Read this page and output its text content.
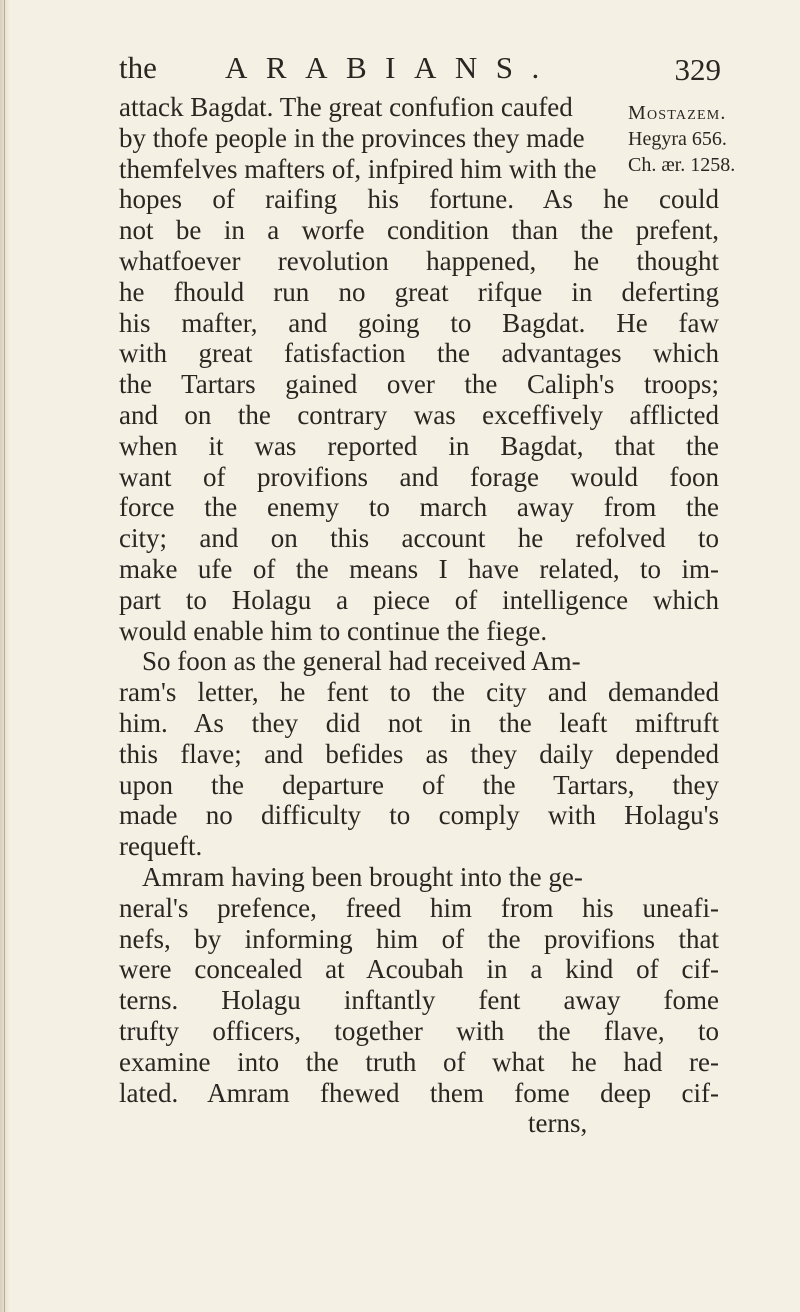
the ARABIANS.	329
Mostazem.
Hegyra 656.
Ch. ær. 1258.
attack Bagdat. The great confufion caufed
by thofe people in the provinces they made
themfelves mafters of, infpired him with the
hopes of raifing his fortune. As he could
not be in a worfe condition than the prefent,
whatfoever revolution happened, he thought
he fhould run no great rifque in deferting
his mafter, and going to Bagdat. He faw
with great fatisfaction the advantages which
the Tartars gained over the Caliph's troops;
and on the contrary was exceffively afflicted
when it was reported in Bagdat, that the
want of provifions and forage would foon
force the enemy to march away from the
city; and on this account he refolved to
make ufe of the means I have related, to im-
part to Holagu a piece of intelligence which
would enable him to continue the fiege.
So foon as the general had received Am-
ram's letter, he fent to the city and demanded
him. As they did not in the leaft miftruft
this flave; and befides as they daily depended
upon the departure of the Tartars, they
made no difficulty to comply with Holagu's
requeft.
Amram having been brought into the ge-
neral's prefence, freed him from his uneafi-
nefs, by informing him of the provifions that
were concealed at Acoubah in a kind of cif-
terns. Holagu inftantly fent away fome
trufty officers, together with the flave, to
examine into the truth of what he had re-
lated. Amram fhewed them fome deep cif-
terns,
